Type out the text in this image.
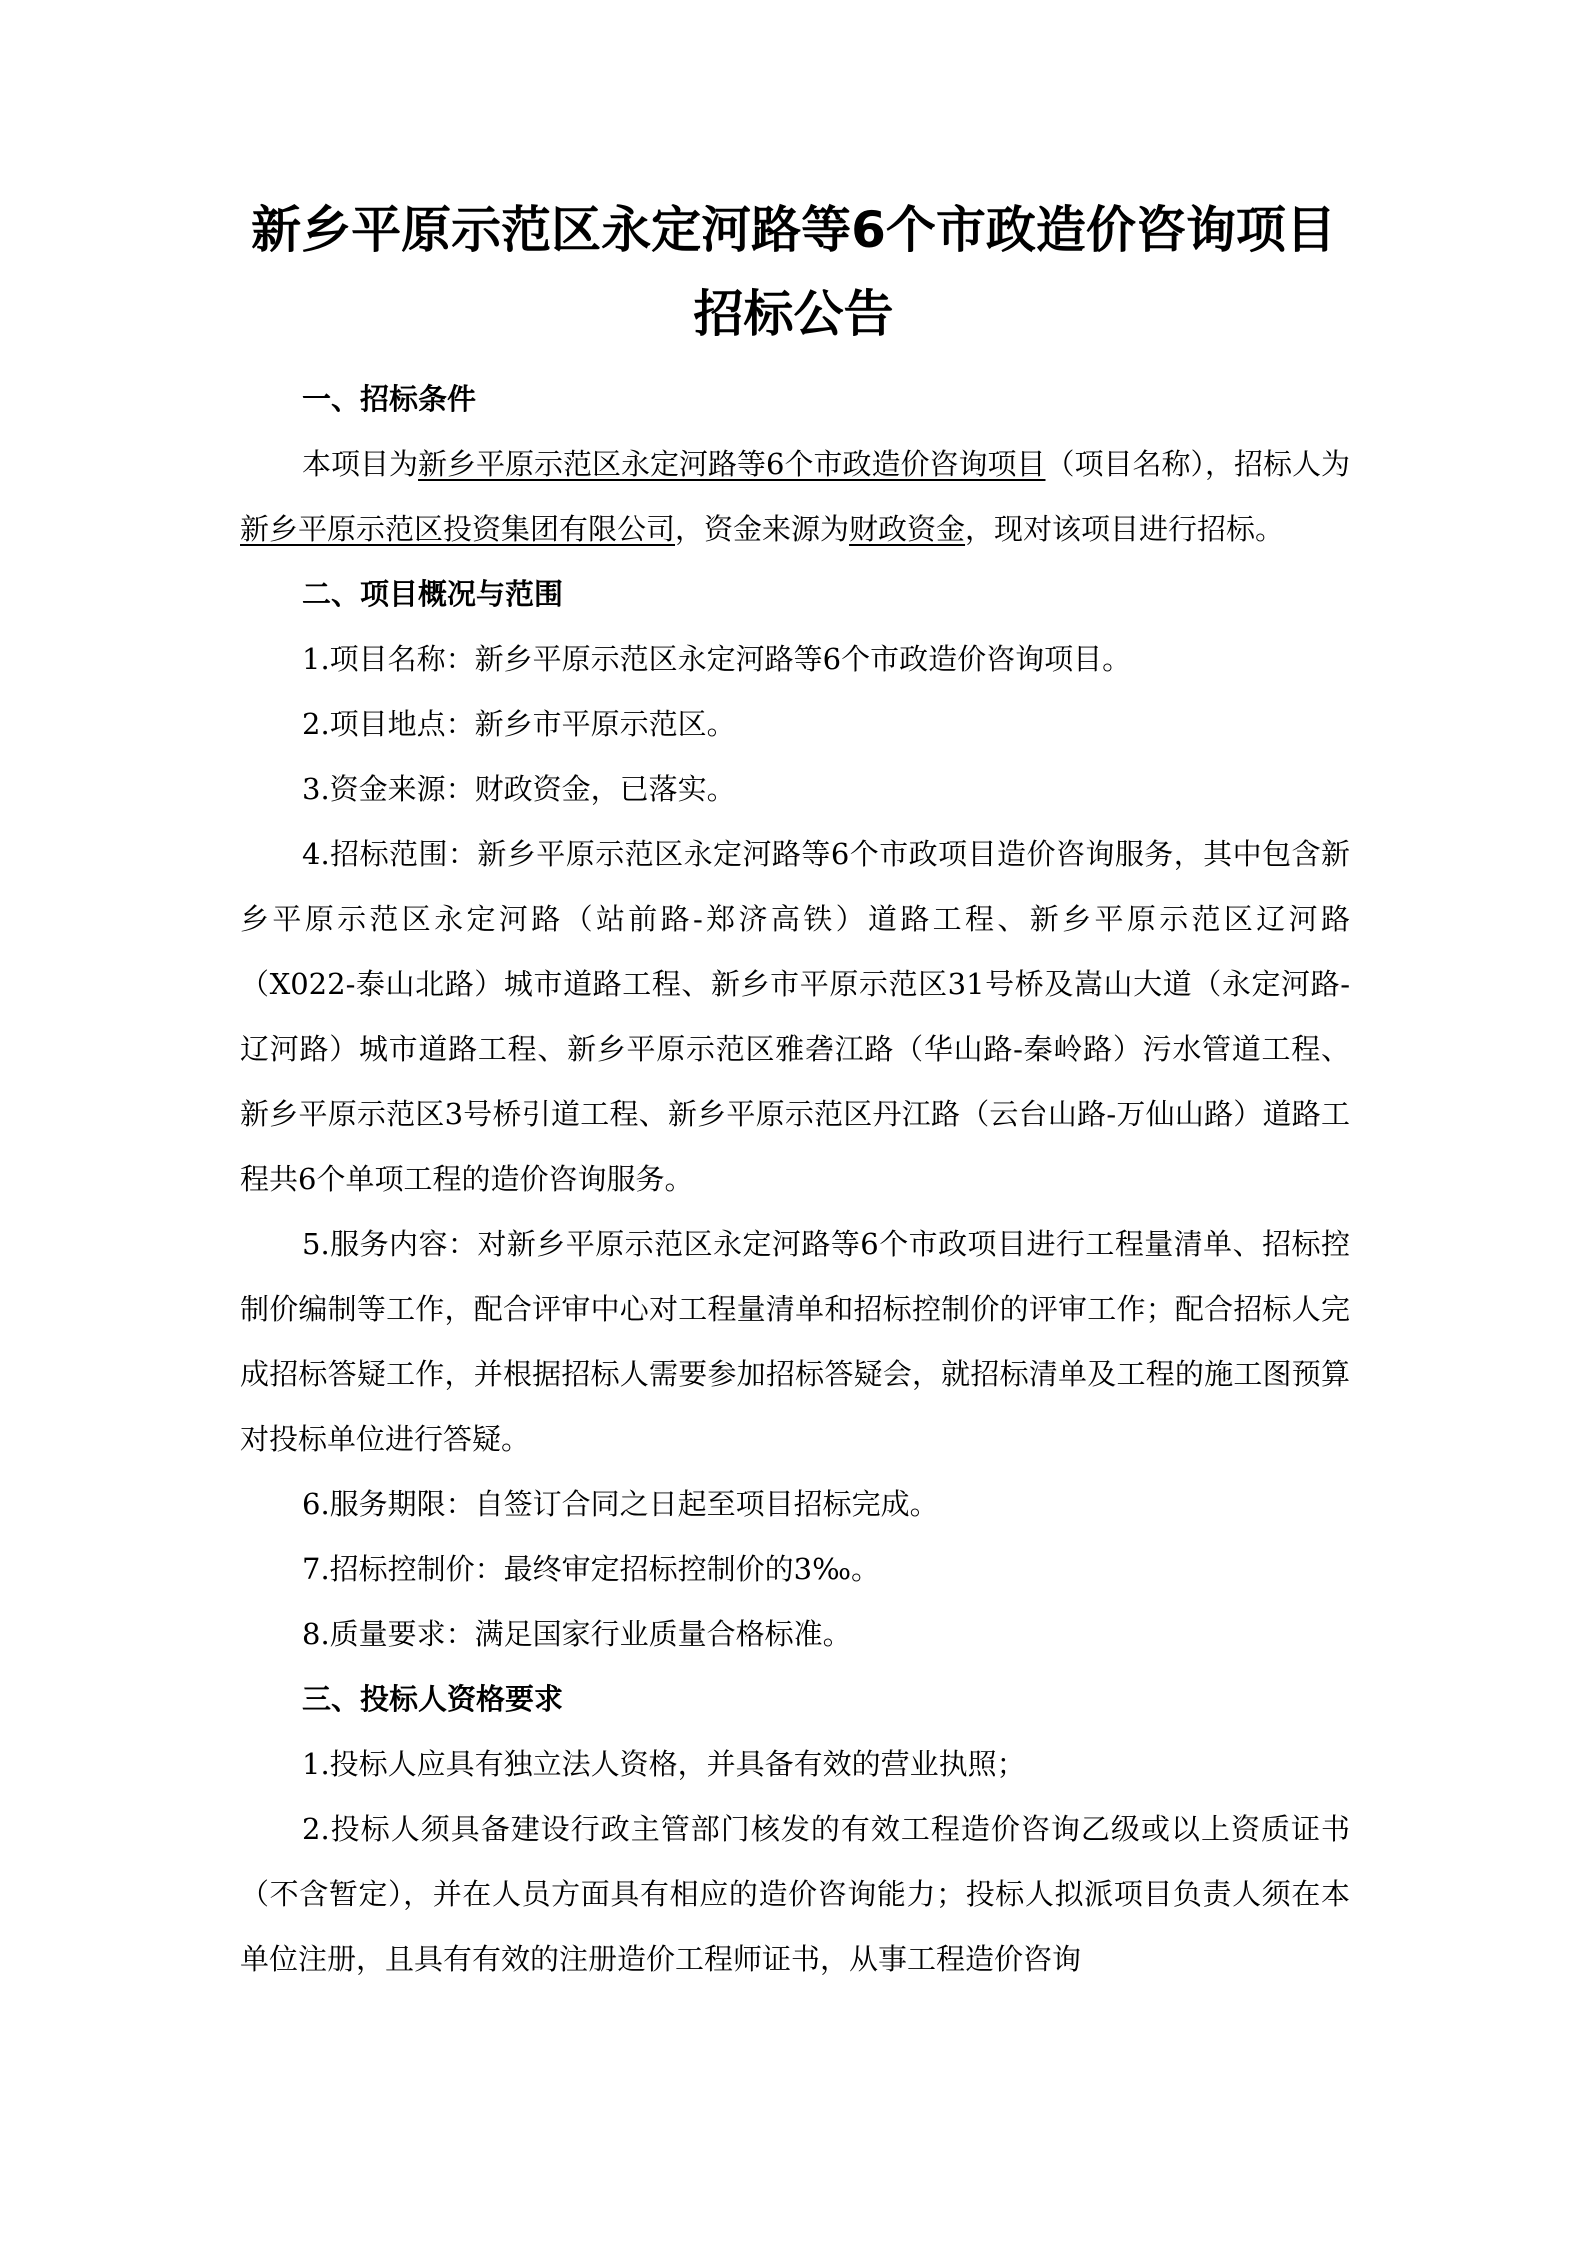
新乡平原示范区永定河路等6个市政造价咨询项目
招标公告
一、招标条件

本项目为新乡平原示范区永定河路等6个市政造价咨询项目（项目名称），招标人为 新乡平原示范区投资集团有限公司，资金来源为财政资金，现对该项目进行招标。

二、项目概况与范围

1.项目名称：新乡平原示范区永定河路等6个市政造价咨询项目。

2.项目地点：新乡市平原示范区。

3.资金来源：财政资金，已落实。

4.招标范围：新乡平原示范区永定河路等6个市政项目造价咨询服务，其中包含新乡平原示范区永定河路（站前路-郑济高铁）道路工程、新乡平原示范区辽河路（X022-泰山北路）城市道路工程、新乡市平原示范区31号桥及嵩山大道（永定河路-辽河路）城市道路工程、新乡平原示范区雅砻江路（华山路-秦岭路）污水管道工程、新乡平原示范区3号桥引道工程、新乡平原示范区丹江路（云台山路-万仙山路）道路工程共6个单项工程的造价咨询服务。

5.服务内容：对新乡平原示范区永定河路等6个市政项目进行工程量清单、招标控制价编制等工作，配合评审中心对工程量清单和招标控制价的评审工作；配合招标人完成招标答疑工作，并根据招标人需要参加招标答疑会，就招标清单及工程的施工图预算对投标单位进行答疑。

6.服务期限：自签订合同之日起至项目招标完成。

7.招标控制价：最终审定招标控制价的3‰。

8.质量要求：满足国家行业质量合格标准。

三、投标人资格要求

1.投标人应具有独立法人资格，并具备有效的营业执照；

2.投标人须具备建设行政主管部门核发的有效工程造价咨询乙级或以上资质证书（不含暂定），并在人员方面具有相应的造价咨询能力；投标人拟派项目负责人须在本单位注册，且具有有效的注册造价工程师证书，从事工程造价咨询
